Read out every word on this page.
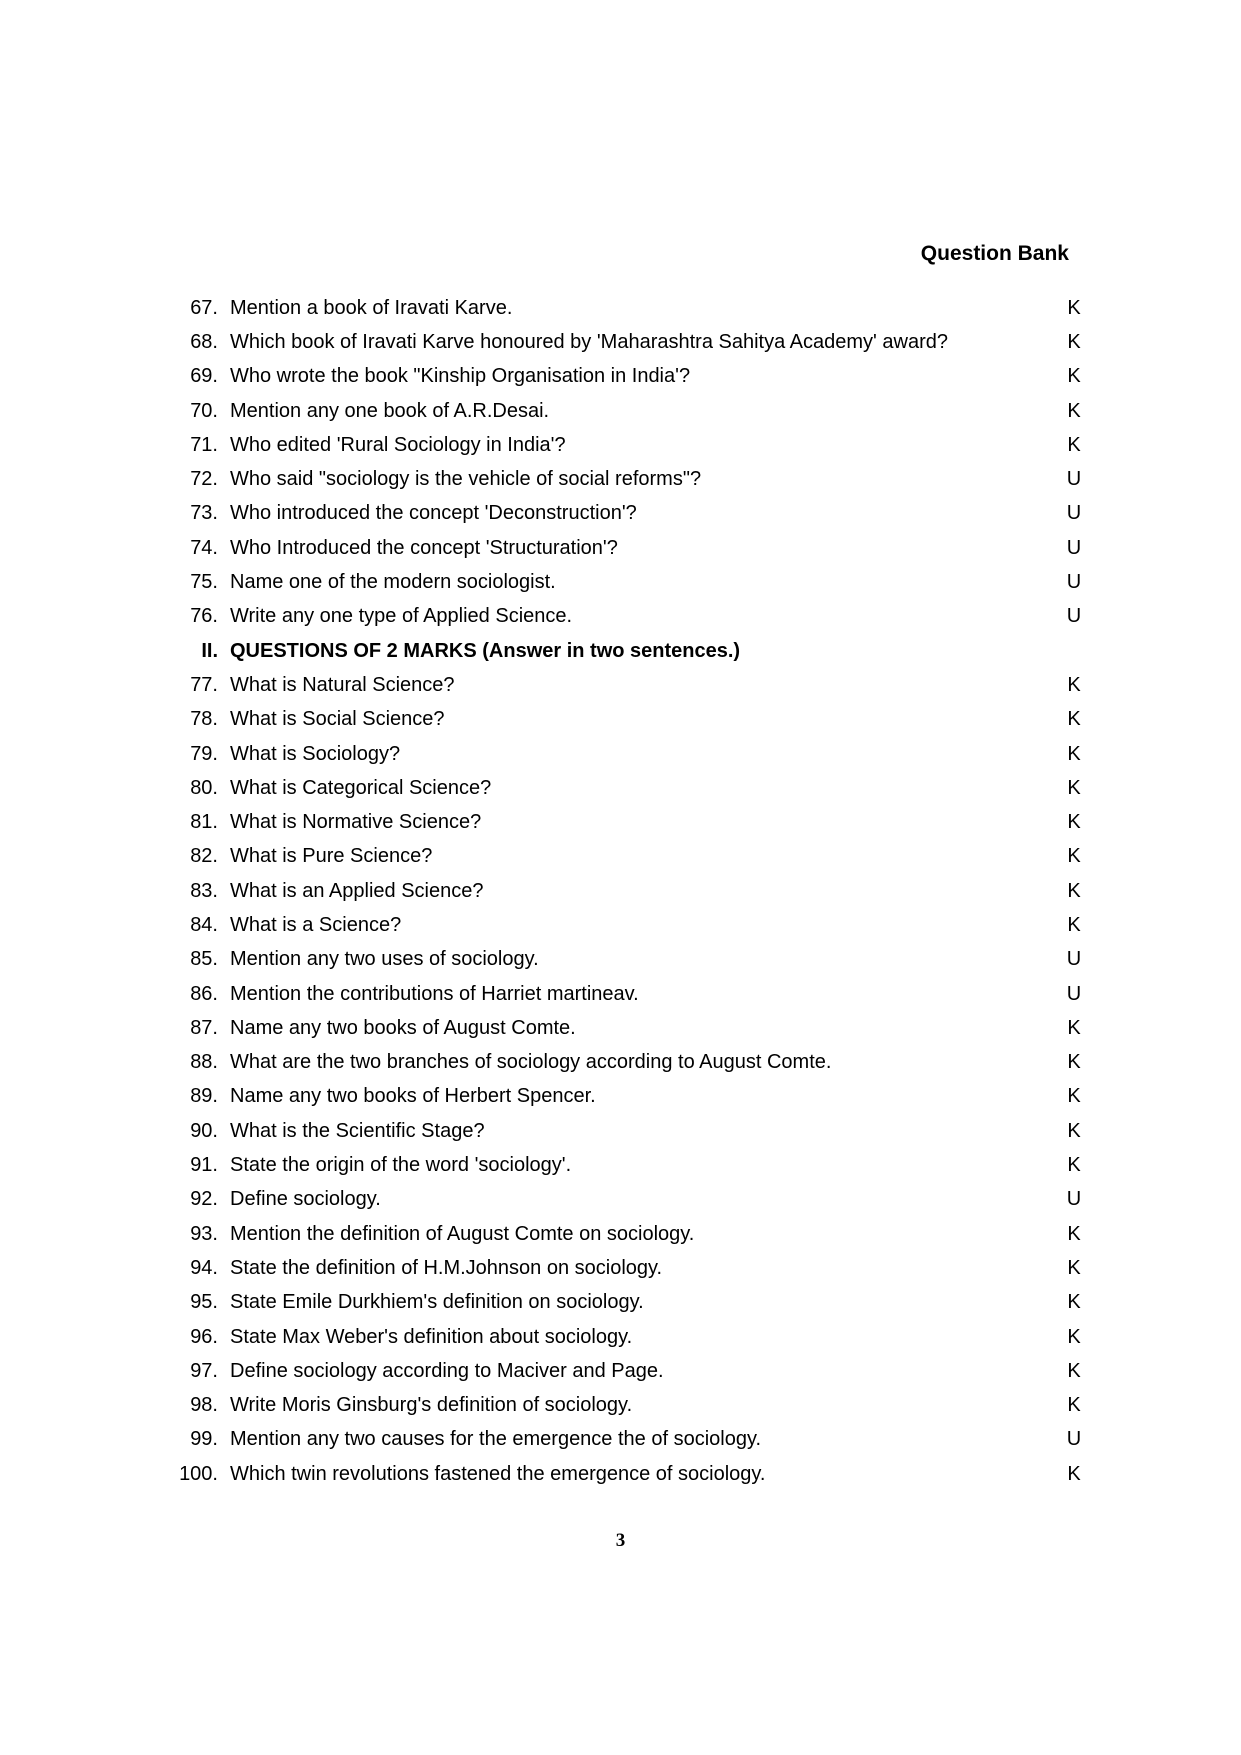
Question Bank
67. Mention a book of Iravati Karve.	K
68. Which book of Iravati Karve honoured by 'Maharashtra Sahitya Academy' award?	K
69. Who wrote the book "Kinship Organisation in India'?	K
70. Mention any one book of A.R.Desai.	K
71. Who edited 'Rural Sociology in India'?	K
72. Who said "sociology is the vehicle of social reforms"?	U
73. Who introduced the concept 'Deconstruction'?	U
74. Who Introduced the concept 'Structuration'?	U
75. Name one of the modern sociologist.	U
76. Write any one type of Applied Science.	U
II. QUESTIONS OF 2 MARKS (Answer in two sentences.)
77. What is Natural Science?	K
78. What is Social Science?	K
79. What is Sociology?	K
80. What is Categorical Science?	K
81. What is Normative Science?	K
82. What is Pure Science?	K
83. What is an Applied Science?	K
84. What is a Science?	K
85. Mention any two uses of sociology.	U
86. Mention the contributions of Harriet martineav.	U
87. Name any two books of August Comte.	K
88. What are the two branches of sociology according to August Comte.	K
89. Name any two books of Herbert Spencer.	K
90. What is the Scientific Stage?	K
91. State the origin of the word 'sociology'.	K
92. Define sociology.	U
93. Mention the definition of August Comte on sociology.	K
94. State the definition of H.M.Johnson on sociology.	K
95. State Emile Durkhiem's definition on sociology.	K
96. State Max Weber's definition about sociology.	K
97. Define sociology according to Maciver and Page.	K
98. Write Moris Ginsburg's definition of sociology.	K
99. Mention any two causes for the emergence the of sociology.	U
100. Which twin revolutions fastened the emergence of sociology.	K
3
